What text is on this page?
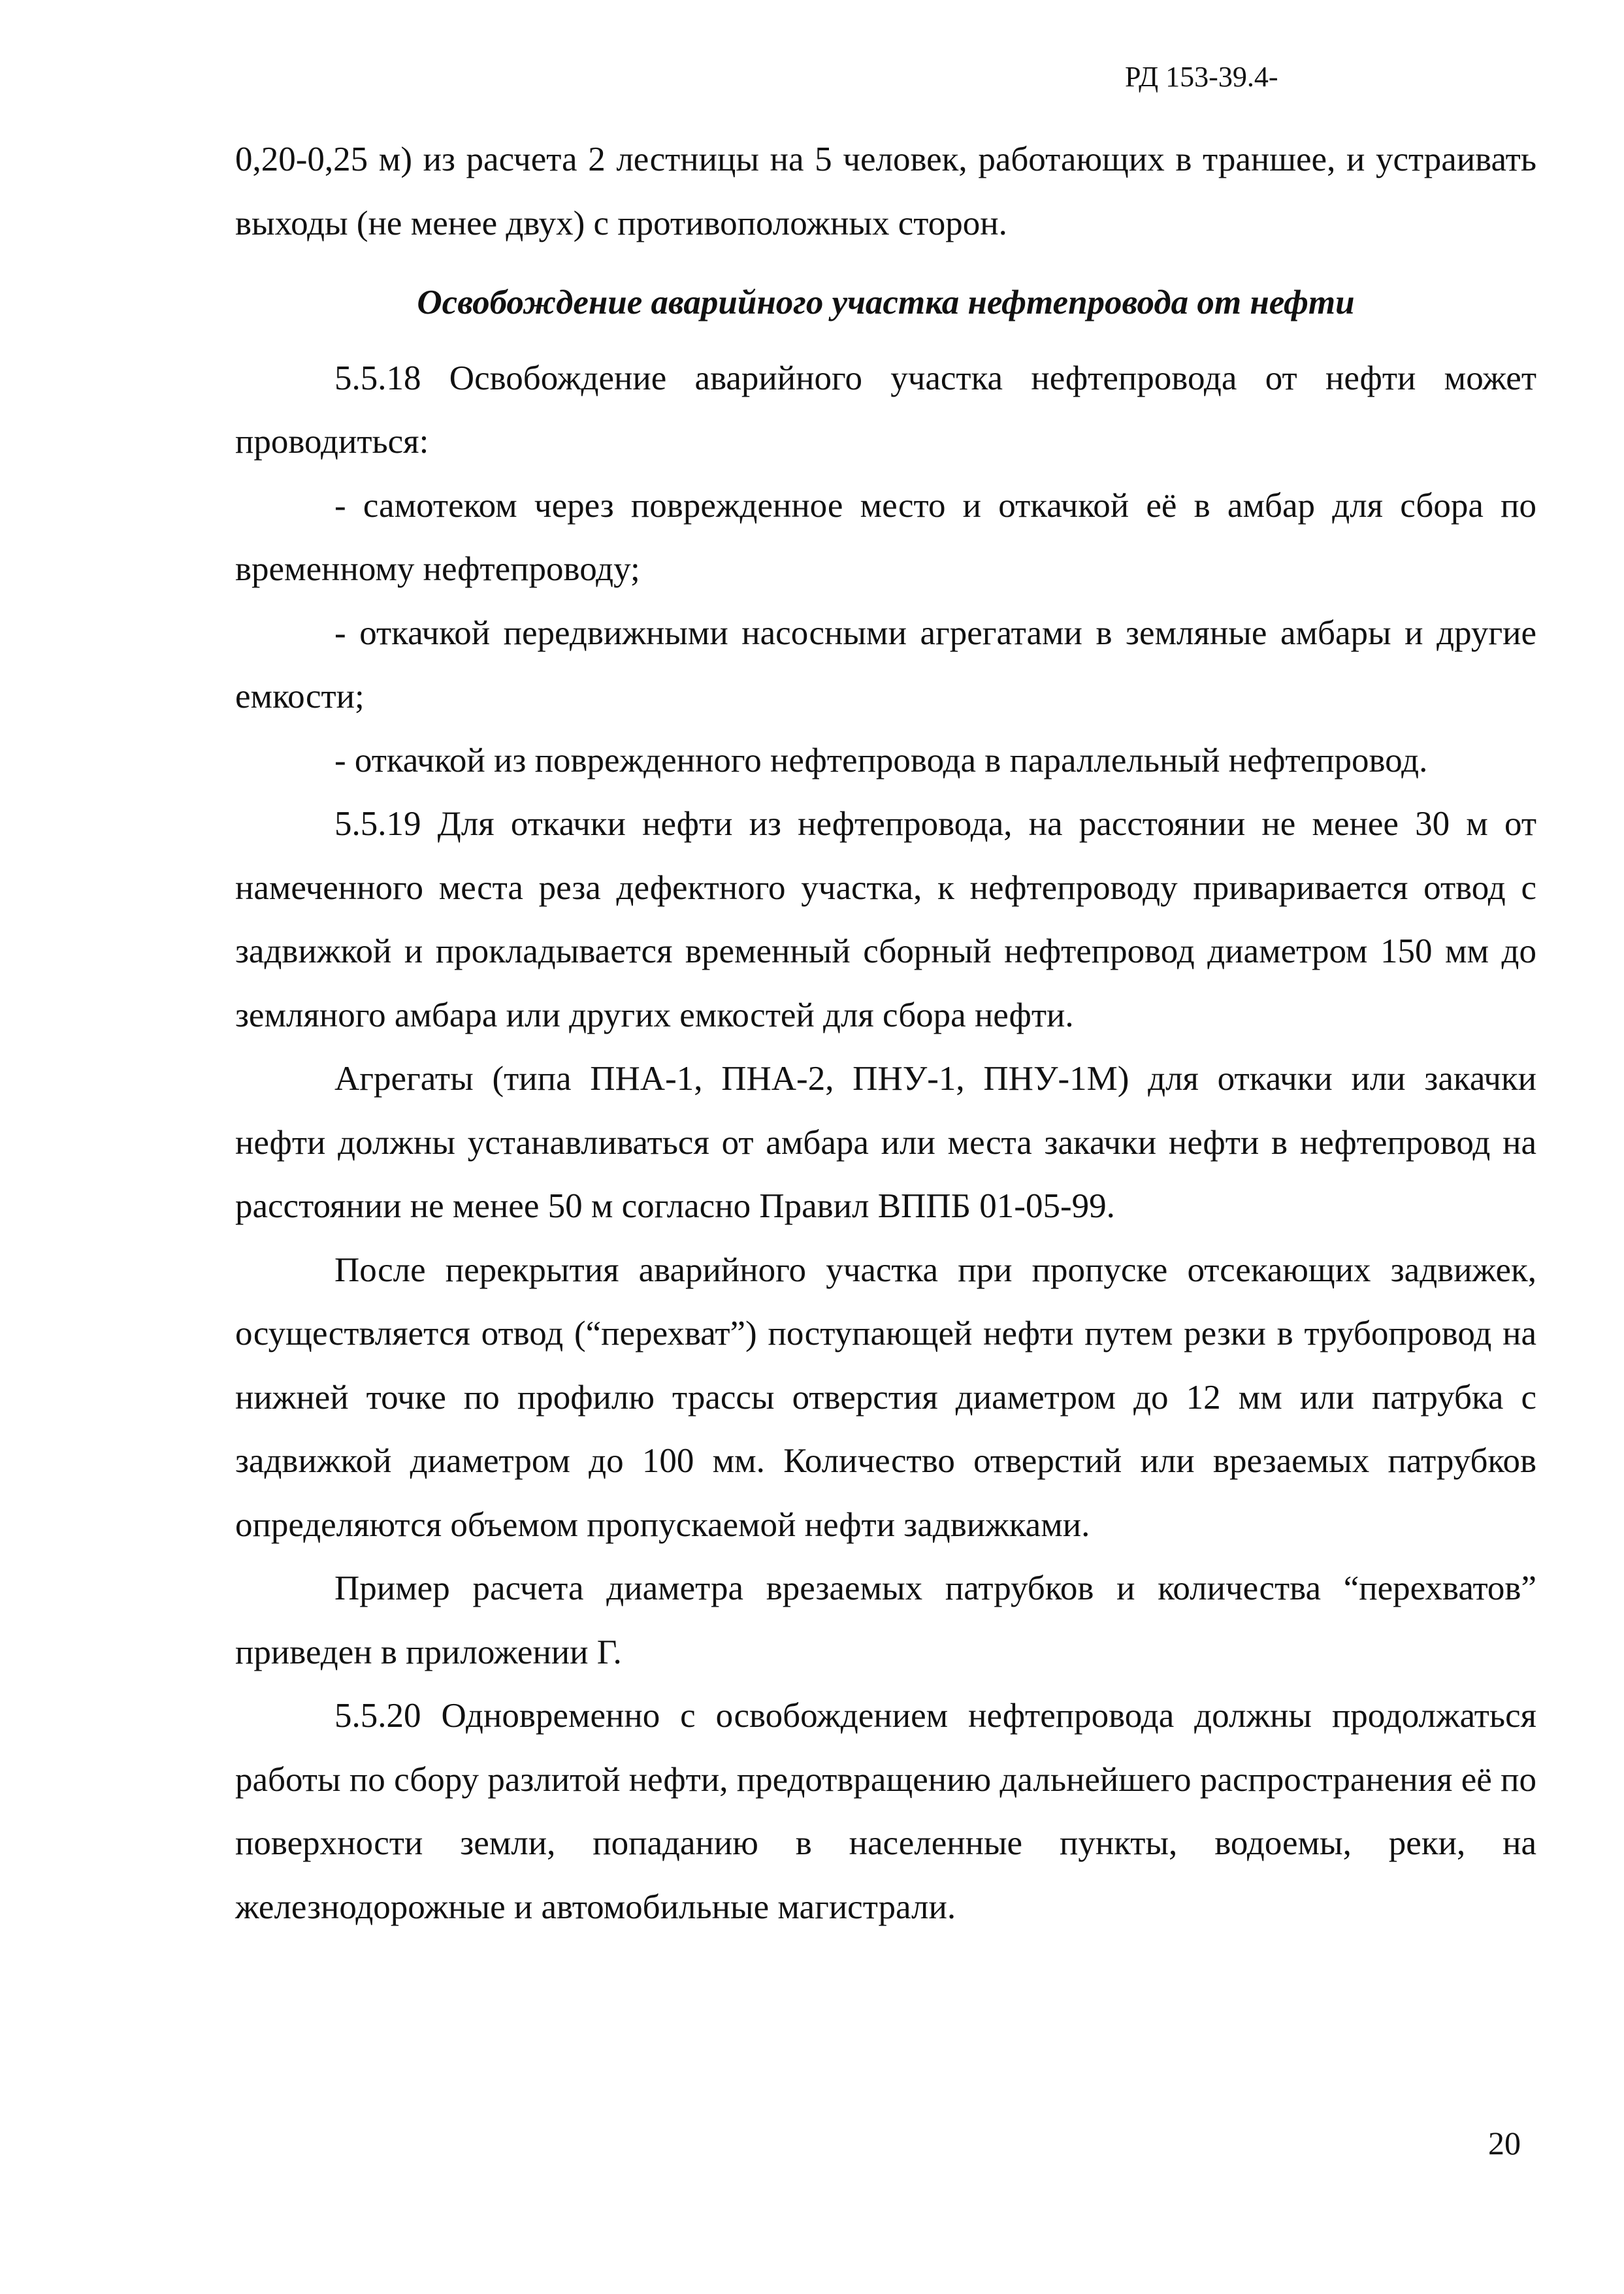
РД 153-39.4-

0,20-0,25 м) из расчета 2 лестницы на 5 человек, работающих в траншее, и устраивать выходы (не менее двух) с противоположных сторон.

Освобождение аварийного участка нефтепровода от нефти

5.5.18 Освобождение аварийного участка нефтепровода от нефти может проводиться:

- самотеком через поврежденное место и откачкой её в амбар для сбора по временному нефтепроводу;

- откачкой передвижными насосными агрегатами в земляные амбары и другие емкости;

- откачкой из поврежденного нефтепровода в параллельный нефтепровод.

5.5.19 Для откачки нефти из нефтепровода, на расстоянии не менее 30 м от намеченного места реза дефектного участка, к нефтепроводу приваривается отвод с задвижкой и прокладывается временный сборный нефтепровод диаметром 150 мм до земляного амбара или других емкостей для сбора нефти.

Агрегаты (типа ПНА-1, ПНА-2, ПНУ-1, ПНУ-1М) для откачки или закачки нефти должны устанавливаться от амбара или места закачки нефти в нефтепровод на расстоянии не менее 50 м согласно Правил ВППБ 01-05-99.

После перекрытия аварийного участка при пропуске отсекающих задвижек, осуществляется отвод (“перехват”) поступающей нефти путем резки в трубопровод на нижней точке по профилю трассы отверстия диаметром до 12 мм или патрубка с задвижкой диаметром до 100 мм. Количество отверстий или врезаемых патрубков определяются объемом пропускаемой нефти задвижками.

Пример расчета диаметра врезаемых патрубков и количества “перехватов” приведен в приложении Г.

5.5.20 Одновременно с освобождением нефтепровода должны продолжаться работы по сбору разлитой нефти, предотвращению дальнейшего распространения её по поверхности земли, попаданию в населенные пункты, водоемы, реки, на железнодорожные и автомобильные магистрали.

20
